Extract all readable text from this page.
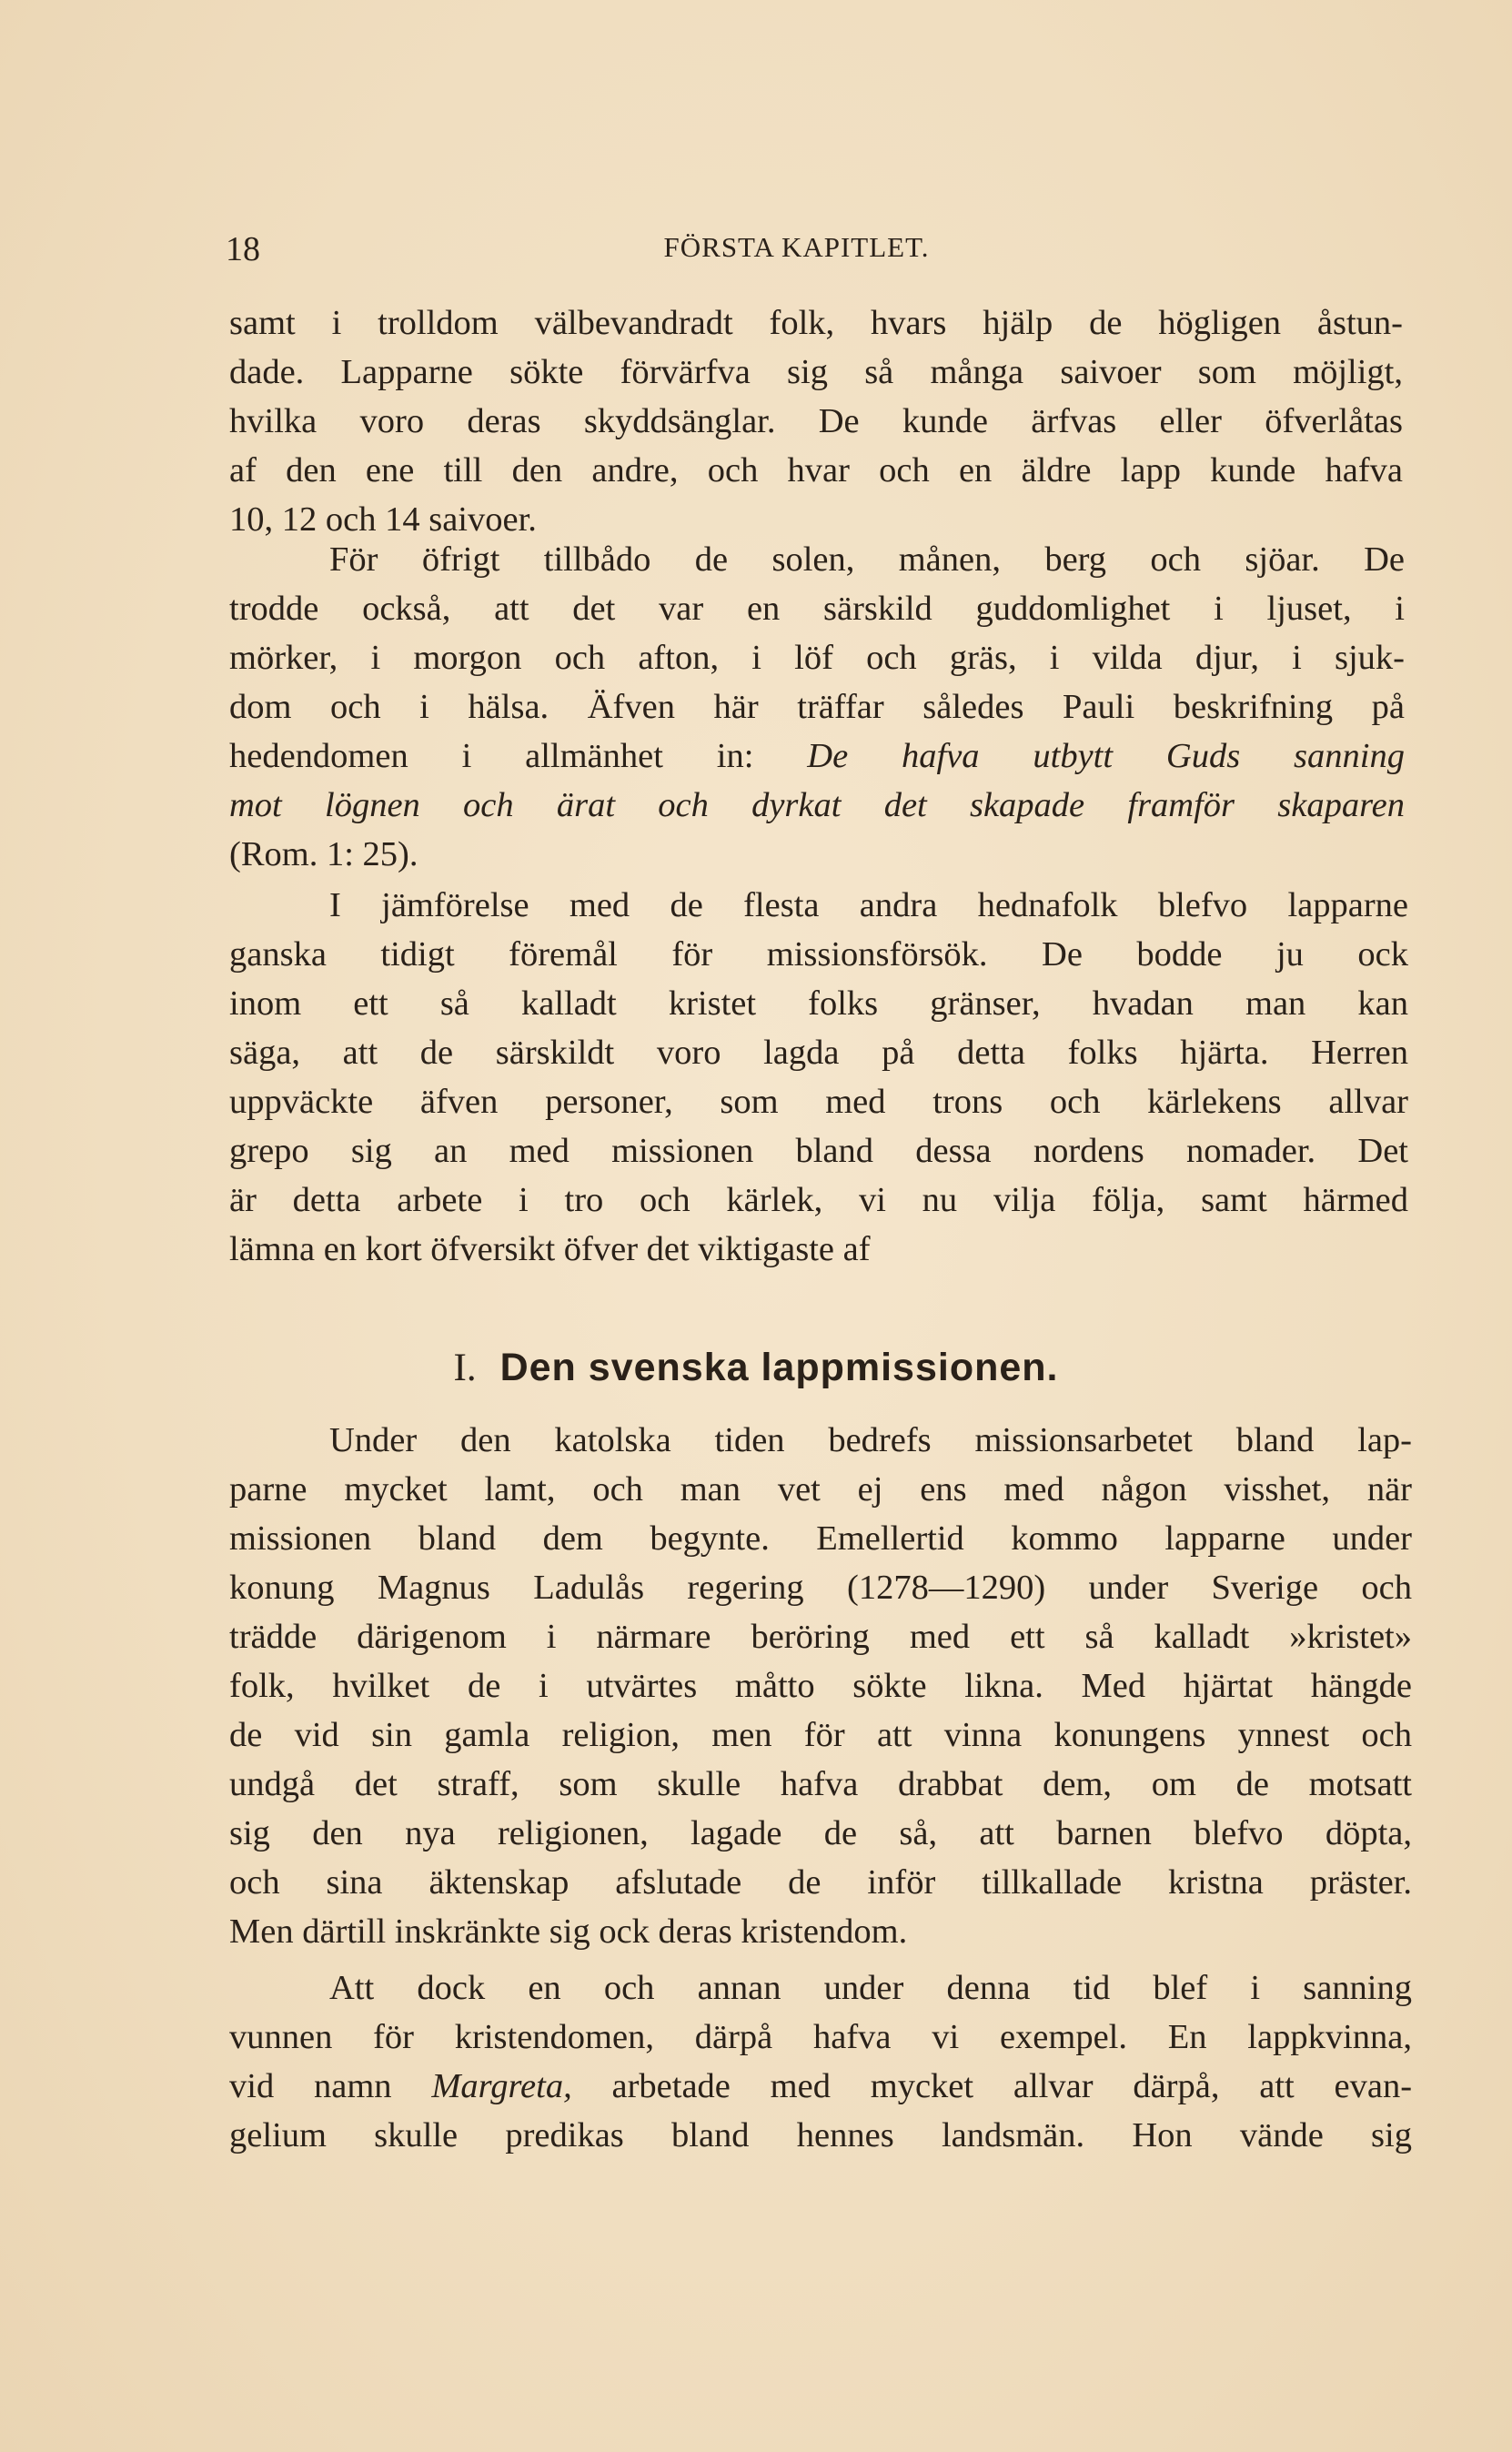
18	FÖRSTA KAPITLET.
samt i trolldom välbevandradt folk, hvars hjälp de högligen åstun-
dade. Lapparne sökte förvärfva sig så många saivoer som möjligt,
hvilka voro deras skyddsänglar. De kunde ärfvas eller öfverlåtas
af den ene till den andre, och hvar och en äldre lapp kunde hafva
10, 12 och 14 saivoer.
För öfrigt tillbådo de solen, månen, berg och sjöar. De
trodde också, att det var en särskild guddomlighet i ljuset, i
mörker, i morgon och afton, i löf och gräs, i vilda djur, i sjuk-
dom och i hälsa. Äfven här träffar således Pauli beskrifning på
hedendomen i allmänhet in: De hafva utbytt Guds sanning
mot lögnen och ärat och dyrkat det skapade framför skaparen
(Rom. 1: 25).
I jämförelse med de flesta andra hednafolk blefvo lapparne
ganska tidigt föremål för missionsförsök. De bodde ju ock
inom ett så kalladt kristet folks gränser, hvadan man kan
säga, att de särskildt voro lagda på detta folks hjärta. Herren
uppväckte äfven personer, som med trons och kärlekens allvar
grepo sig an med missionen bland dessa nordens nomader. Det
är detta arbete i tro och kärlek, vi nu vilja följa, samt härmed
lämna en kort öfversikt öfver det viktigaste af
I. Den svenska lappmissionen.
Under den katolska tiden bedrefs missionsarbetet bland lap-
parne mycket lamt, och man vet ej ens med någon visshet, när
missionen bland dem begynte. Emellertid kommo lapparne under
konung Magnus Ladulås regering (1278—1290) under Sverige och
trädde därigenom i närmare beröring med ett så kalladt »kristet»
folk, hvilket de i utvärtes måtto sökte likna. Med hjärtat hängde
de vid sin gamla religion, men för att vinna konungens ynnest och
undgå det straff, som skulle hafva drabbat dem, om de motsatt
sig den nya religionen, lagade de så, att barnen blefvo döpta,
och sina äktenskap afslutade de inför tillkallade kristna präster.
Men därtill inskränkte sig ock deras kristendom.
Att dock en och annan under denna tid blef i sanning
vunnen för kristendomen, därpå hafva vi exempel. En lappkvinna,
vid namn Margreta, arbetade med mycket allvar därpå, att evan-
gelium skulle predikas bland hennes landsmän. Hon vände sig
